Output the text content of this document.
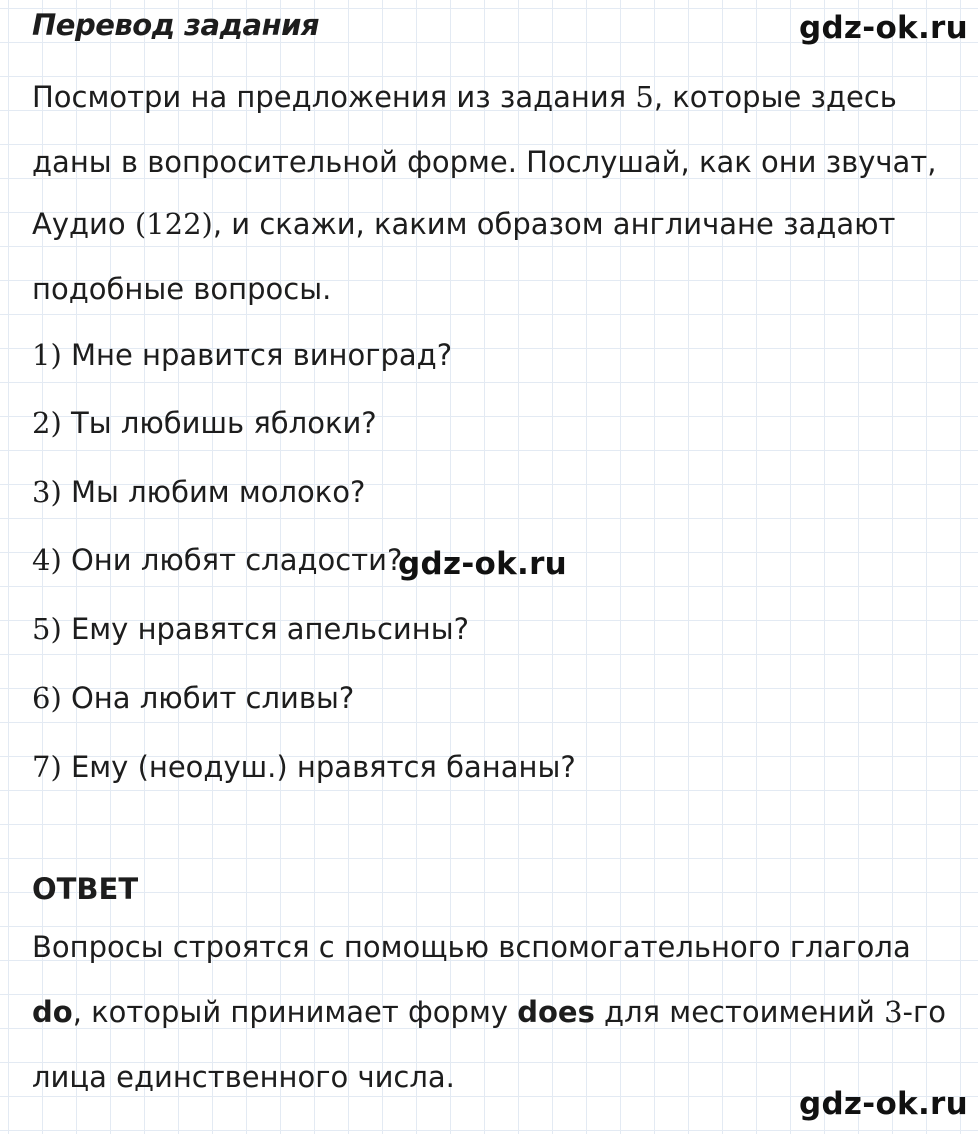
Перевод задания	gdz-ok.ru
Посмотри на предложения из задания 5, которые здесь
даны в вопросительной форме. Послушай, как они звучат,
Аудио (122), и скажи, каким образом англичане задают
подобные вопросы.
1) Мне нравится виноград?
2) Ты любишь яблоки?
3) Мы любим молоко?
4) Они любят сладости?
5) Ему нравятся апельсины?
6) Она любит сливы?
7) Ему (неодуш.) нравятся бананы?
gdz-ok.ru
ОТВЕТ
Вопросы строятся с помощью вспомогательного глагола
do, который принимает форму does для местоимений 3-го
лица единственного числа.
gdz-ok.ru
